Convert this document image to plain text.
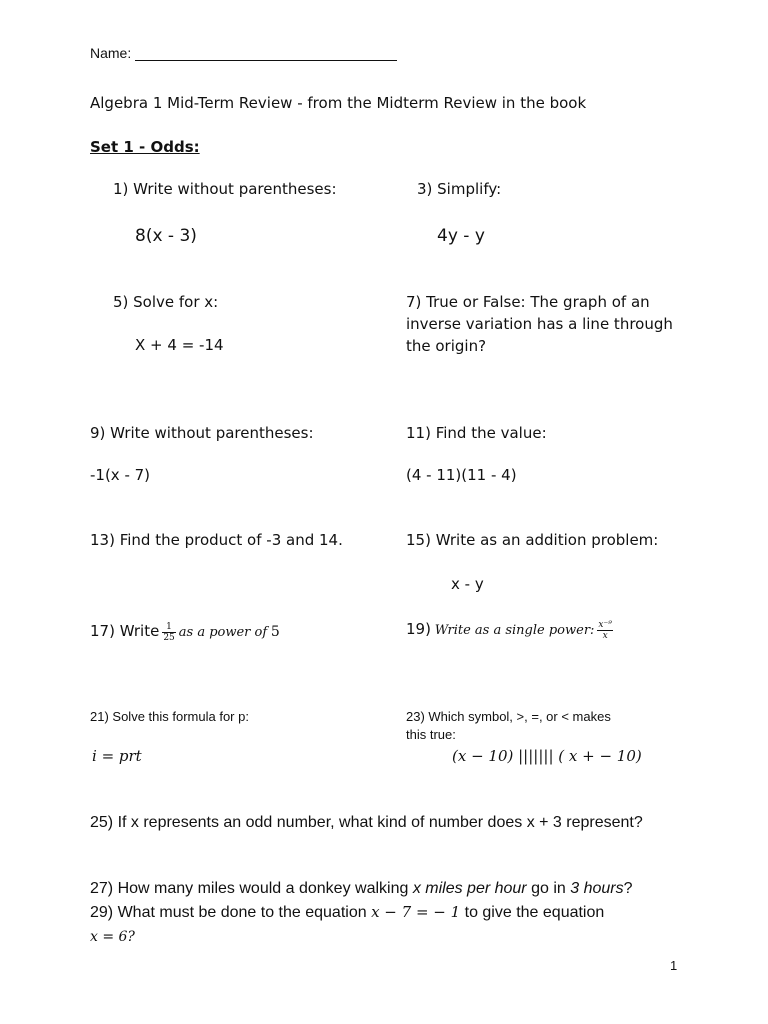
Name:
Algebra 1 Mid-Term Review - from the Midterm Review in the book
Set 1 - Odds:
1) Write without parentheses:
8(x - 3)
3) Simplify:
4y - y
5) Solve for x:
X + 4 = -14
7) True or False: The graph of an
inverse variation has a line through
the origin?
9) Write without parentheses:
-1(x - 7)
11) Find the value:
(4 - 11)(11 - 4)
13) Find the product of -3 and 14.	15) Write as an addition problem:
x - y
17) Write $\frac{1}{25}$ as a power of 5	19) Write as a single power: $\frac{\text{x⁻⁹}}{x}$
21) Solve this formula for p:
i = prt
23) Which symbol, >, =, or < makes
this true:
(x − 10) ||||||| ( x + − 10)
25) If x represents an odd number, what kind of number does x + 3 represent?
27) How many miles would a donkey walking x miles per hour go in 3 hours?
29) What must be done to the equation x − 7 = − 1 to give the equation
x = 6?
1
